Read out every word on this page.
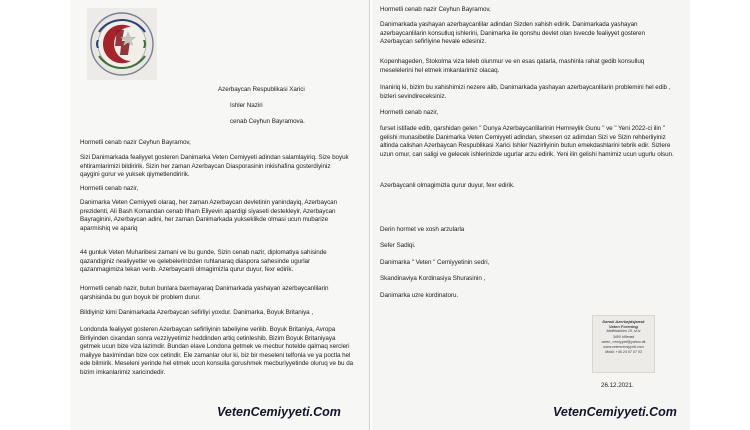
Azerbaycan Respublikasi Xarici

Ishler Naziri

cenab Ceyhun Bayramova.

Hormetli cenab nazir Ceyhun Bayramov,

Sizi Danimarkada fealiyyet gosteren Danimarka Veten Cemiyyeti adindan salamlayiriq. Size boyuk ehtiramlarimizi bildiririk. Sizin her zaman Azerbaycan Diasporasinin inkishafina gosterdiyiniz qaygini gorur ve yuksek qiymetlendiririk.

Hormetli cenab nazir,

Danimarka Veten Cemiyyeti olaraq, her zaman Azerbaycan devletinin yanindayiq, Azerbaycan prezidenti, Ali Bash Komandan cenab Ilham Eliyevin apardigi siyaseti destekleyir, Azerbaycan Bayraginini, Azerbaycan adini, her zaman Danimarkada yukseklikde olmasi ucun mubarize aparmishiq ve apariq

44 gunluk Veten Muharibesi zamani ve bu gunde, Sizin cenab nazir, diplomatiya sahisinde qazandiginiz nealiyyetler ve qelebelerinizden ruhlanaraq diaspora sahesinde ugurlar qazanmagimiza tekan verib. Azerbaycanli olmagimizla qurur duyur, fexr edirik.

Hormetli cenab nazir, butun bunlara baxmayaraq Danimarkada yashayan azerbaycanlilarin qarshisinda bu gun boyuk bir problem durur.

Bildiyiniz kimi Danimarkada Azerbaycan sefirliyi yoxdur. Danimarka, Boyuk Britaniya ,

Londonda fealiyyet gosteren Azerbaycan sefirliyinin tabeliyine verilib. Boyuk Britaniya, Avropa Birliyinden cixandan sonra vezziyyetimiz heddinden artiq cetinleshib. Bizim Boyuk Britaniyaya getmek ucun bize viza lazimdir. Bundan elave Londona getmek ve mecbur hotelde qalmaq xercleri maliyye baximindan bize cox cetindir. Ele zamanlar olur ki, biz bir meseleni telfonla ve ya poctla hel ede bilmirik. Meseleni yerinde hel etmek ucun konsulla gorushmek mecburiyyetinde oluruq ve bu da bizim imkanlarimiz xaricindedir.

VetenCemiyyeti.Com

Hormetli cenab nazir Ceyhun Bayramov,

Danimarkada yashayan azerbaycanlilar adindan Sizden xahish edirik. Danimarkada yashayan azerbaycanlilarin konsulluq ishlerini, Danimarka ile qonshu devlet olan Isvecde fealiyyet gosteren Azerbaycan sefirliyine hevale edesiniz.

Kopenhageden, Stokolma viza teleb olunmur ve en esas qatarla, mashinla rahat gedib konsulluq meselelerini hel etmek imkanlarimiz olacaq.

Inaniriq ki, bizim bu xahishimizi nezere alib, Danimarkada yashayan azerbaycanlilarin problemini hel edib , bizleri sevindireceksiniz.

Hormetli cenab nazir,

furset istifade edib, qarshidan gelen " Dunya Azerbaycanlilarinin Hemreylik Gunu " ve " Yeni 2022-ci ilin " gelishi munasibetile Danimarka Veten Cemiyyeti adindan, shexsen oz adimdan Sizi ve Sizin rehberliyiniz altinda calishan Azerbaycan Respublikasi Xarici Ishler Nazirliyinin butun emekdashlarini tebrik edir. Sizlere uzun omur, can saligi ve gelecek ishlerinizde ugurlar arzu edirik. Yeni ilin gelishi hamimiz ucun ugurlu olsun.

Azerbaycanli olmagimizla qurur duyur, fexr edirik.

Derin hormet ve xosh arzularla

Sefer Sadiqi.

Danimarka " Veten " Cemiyyetinin sedri,

Skandinaviya Kordinasiya Shurasinin ,

Danimarka uzre kordinatoru.

Dansk Azerbajdsjansk
Vaten Forening
Møllebakken 15, st.tv
3400 Hillerød
veten_cemiyyeti@yahoo.dk
www.vetencemiyyeti.com
Mobil: +45 24 67 07 03

26.12.2021.

VetenCemiyyeti.Com
